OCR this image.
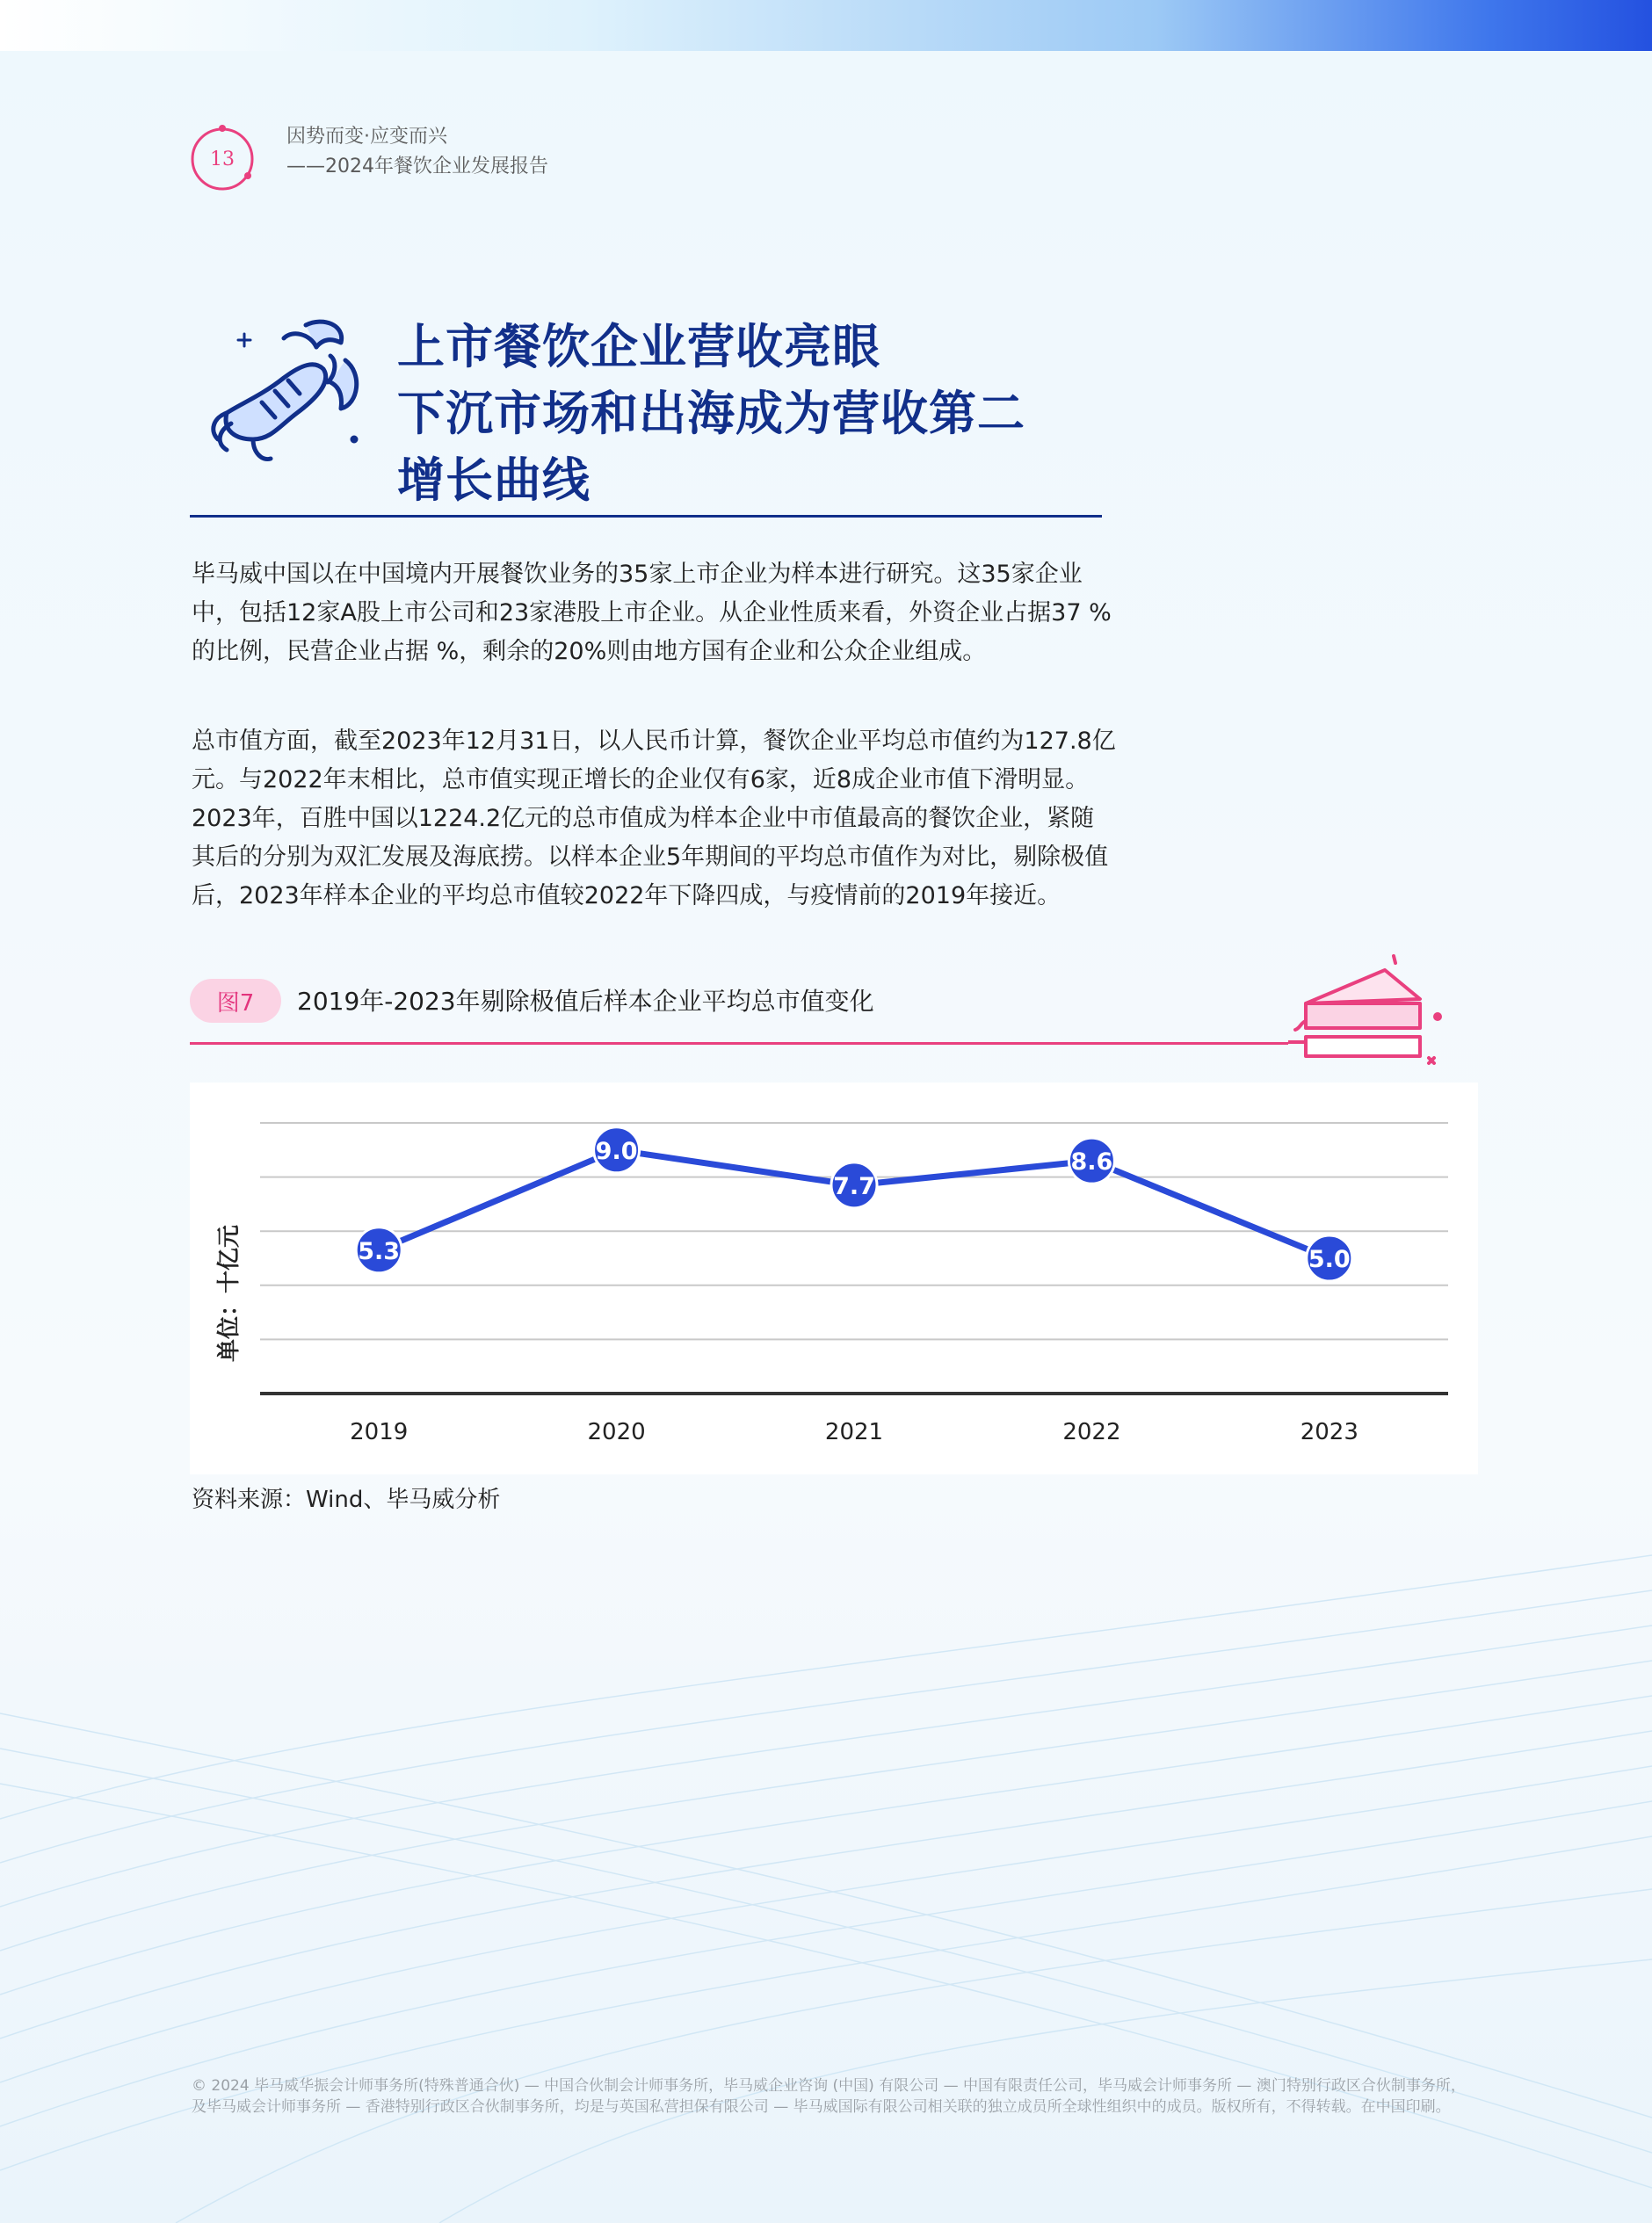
13
因势而变·应变而兴
——2024年餐饮企业发展报告
上市餐饮企业营收亮眼
下沉市场和出海成为营收第二
增长曲线

毕马威中国以在中国境内开展餐饮业务的35家上市企业为样本进行研究。这35家企业中，包括12家A股上市公司和23家港股上市企业。从企业性质来看，外资企业占据37 %的比例，民营企业占据 %，剩余的20%则由地方国有企业和公众企业组成。

总市值方面，截至2023年12月31日，以人民币计算，餐饮企业平均总市值约为127.8亿元。与2022年末相比，总市值实现正增长的企业仅有6家，近8成企业市值下滑明显。2023年，百胜中国以1224.2亿元的总市值成为样本企业中市值最高的餐饮企业，紧随其后的分别为双汇发展及海底捞。以样本企业5年期间的平均总市值作为对比，剔除极值后，2023年样本企业的平均总市值较2022年下降四成，与疫情前的2019年接近。

图7	2019年-2023年剔除极值后样本企业平均总市值变化
2019	2020	2021	2022	2023
5.3
9.0
7.7
8.6
5.0
单位：十亿元
资料来源：Wind、毕马威分析

© 2024 毕马威华振会计师事务所(特殊普通合伙) — 中国合伙制会计师事务所，毕马威企业咨询 (中国) 有限公司 — 中国有限责任公司，毕马威会计师事务所 — 澳门特别行政区合伙制事务所，及毕马威会计师事务所 — 香港特别行政区合伙制事务所，均是与英国私营担保有限公司 — 毕马威国际有限公司相关联的独立成员所全球性组织中的成员。版权所有，不得转载。在中国印刷。
